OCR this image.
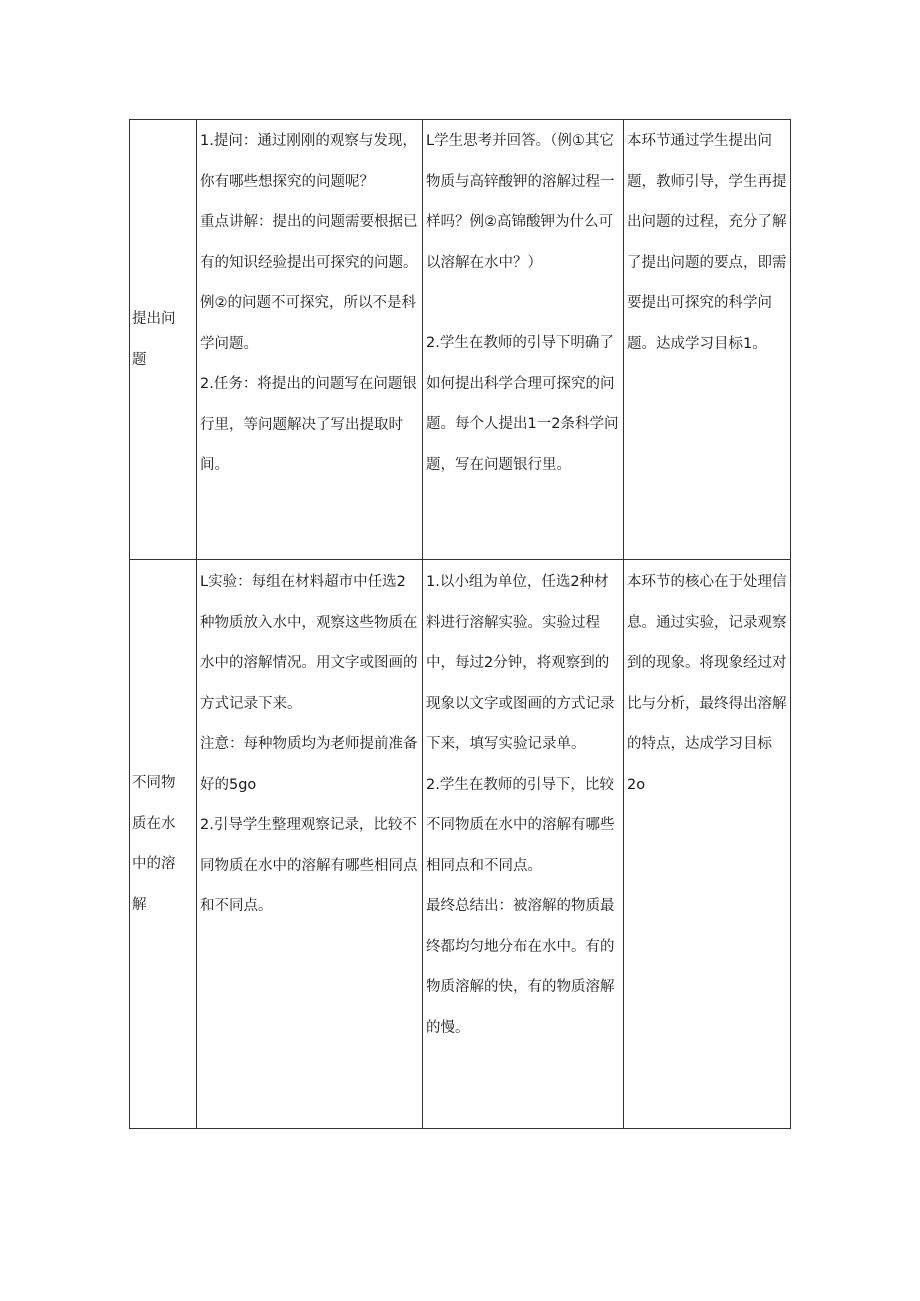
提出问
题	1.提问：通过刚刚的观察与发现，你有哪些想探究的问题呢？
重点讲解：提出的问题需要根据已有的知识经验提出可探究的问题。例②的问题不可探究，所以不是科学问题。
2.任务：将提出的问题写在问题银行里，等问题解决了写出提取时间。	L学生思考并回答。（例①其它物质与高锌酸钾的溶解过程一样吗？例②高锦酸钾为什么可以溶解在水中？）
2.学生在教师的引导下明确了如何提出科学合理可探究的问题。每个人提出1一2条科学问题，写在问题银行里。	本环节通过学生提出问题，教师引导，学生再提出问题的过程，充分了解了提出问题的要点，即需要提出可探究的科学问题。达成学习目标1。

不同物
质在水
中的溶
解	L实验：每组在材料超市中任选2种物质放入水中，观察这些物质在水中的溶解情况。用文字或图画的方式记录下来。
注意：每种物质均为老师提前准备好的5go
2.引导学生整理观察记录，比较不同物质在水中的溶解有哪些相同点和不同点。	1.以小组为单位，任选2种材料进行溶解实验。实验过程中，每过2分钟，将观察到的现象以文字或图画的方式记录下来，填写实验记录单。
2.学生在教师的引导下，比较不同物质在水中的溶解有哪些相同点和不同点。
最终总结出：被溶解的物质最终都均匀地分布在水中。有的物质溶解的快，有的物质溶解的慢。	本环节的核心在于处理信息。通过实验，记录观察到的现象。将现象经过对比与分析，最终得出溶解的特点，达成学习目标2o
